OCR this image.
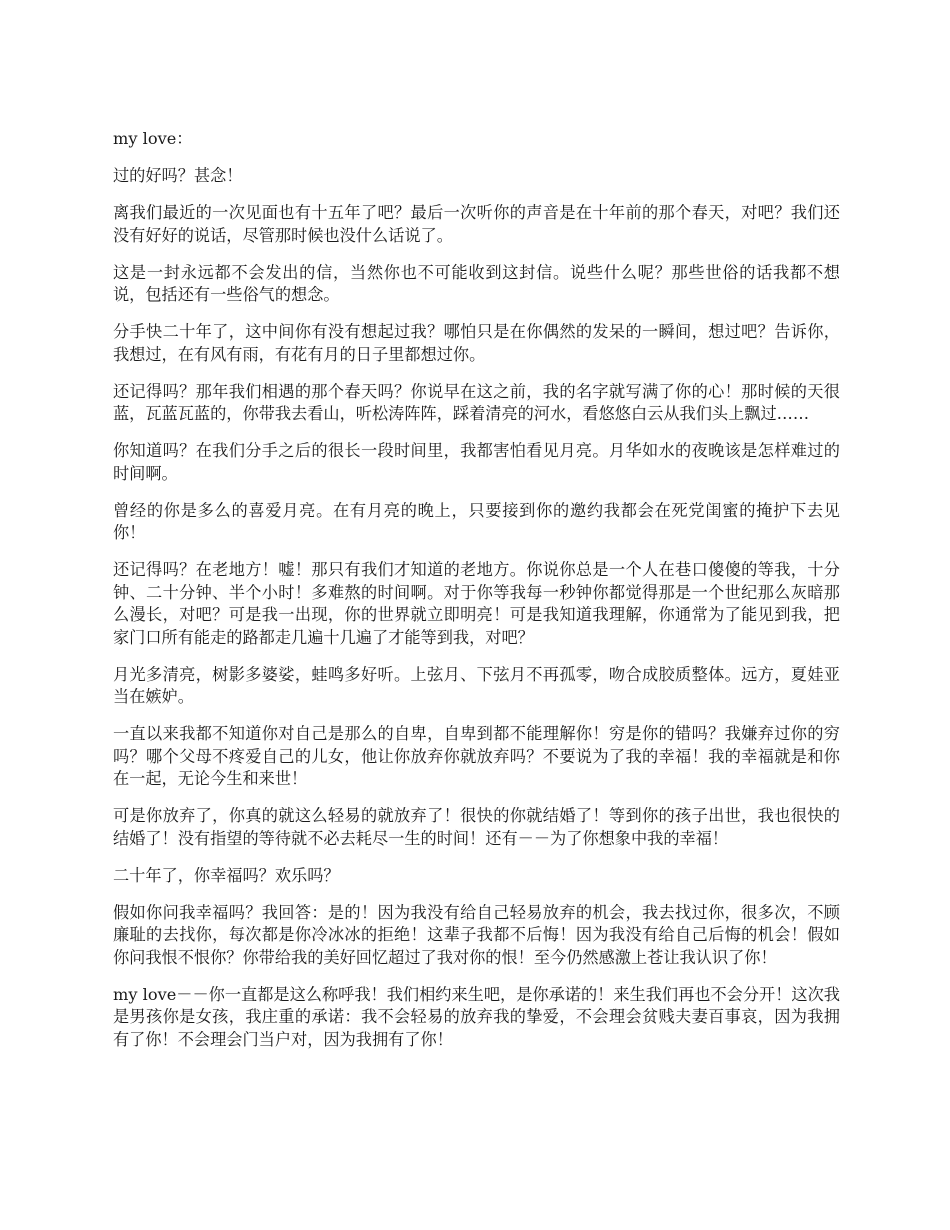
my love：

过的好吗？甚念！

离我们最近的一次见面也有十五年了吧？最后一次听你的声音是在十年前的那个春天，对吧？我们还没有好好的说话，尽管那时候也没什么话说了。

这是一封永远都不会发出的信，当然你也不可能收到这封信。说些什么呢？那些世俗的话我都不想说，包括还有一些俗气的想念。

分手快二十年了，这中间你有没有想起过我？哪怕只是在你偶然的发呆的一瞬间，想过吧？告诉你，我想过，在有风有雨，有花有月的日子里都想过你。

还记得吗？那年我们相遇的那个春天吗？你说早在这之前，我的名字就写满了你的心！那时候的天很蓝，瓦蓝瓦蓝的，你带我去看山，听松涛阵阵，踩着清亮的河水，看悠悠白云从我们头上飘过……

你知道吗？在我们分手之后的很长一段时间里，我都害怕看见月亮。月华如水的夜晚该是怎样难过的时间啊。

曾经的你是多么的喜爱月亮。在有月亮的晚上，只要接到你的邀约我都会在死党闺蜜的掩护下去见你！

还记得吗？在老地方！嘘！那只有我们才知道的老地方。你说你总是一个人在巷口傻傻的等我，十分钟、二十分钟、半个小时！多难熬的时间啊。对于你等我每一秒钟你都觉得那是一个世纪那么灰暗那么漫长，对吧？可是我一出现，你的世界就立即明亮！可是我知道我理解，你通常为了能见到我，把家门口所有能走的路都走几遍十几遍了才能等到我，对吧？

月光多清亮，树影多婆娑，蛙鸣多好听。上弦月、下弦月不再孤零，吻合成胶质整体。远方，夏娃亚当在嫉妒。

一直以来我都不知道你对自己是那么的自卑，自卑到都不能理解你！穷是你的错吗？我嫌弃过你的穷吗？哪个父母不疼爱自己的儿女，他让你放弃你就放弃吗？不要说为了我的幸福！我的幸福就是和你在一起，无论今生和来世！

可是你放弃了，你真的就这么轻易的就放弃了！很快的你就结婚了！等到你的孩子出世，我也很快的结婚了！没有指望的等待就不必去耗尽一生的时间！还有－－为了你想象中我的幸福！

二十年了，你幸福吗？欢乐吗？

假如你问我幸福吗？我回答：是的！因为我没有给自己轻易放弃的机会，我去找过你，很多次，不顾廉耻的去找你，每次都是你冷冰冰的拒绝！这辈子我都不后悔！因为我没有给自己后悔的机会！假如你问我恨不恨你？你带给我的美好回忆超过了我对你的恨！至今仍然感激上苍让我认识了你！

my love－－你一直都是这么称呼我！我们相约来生吧，是你承诺的！来生我们再也不会分开！这次我是男孩你是女孩，我庄重的承诺：我不会轻易的放弃我的挚爱，不会理会贫贱夫妻百事哀，因为我拥有了你！不会理会门当户对，因为我拥有了你！
